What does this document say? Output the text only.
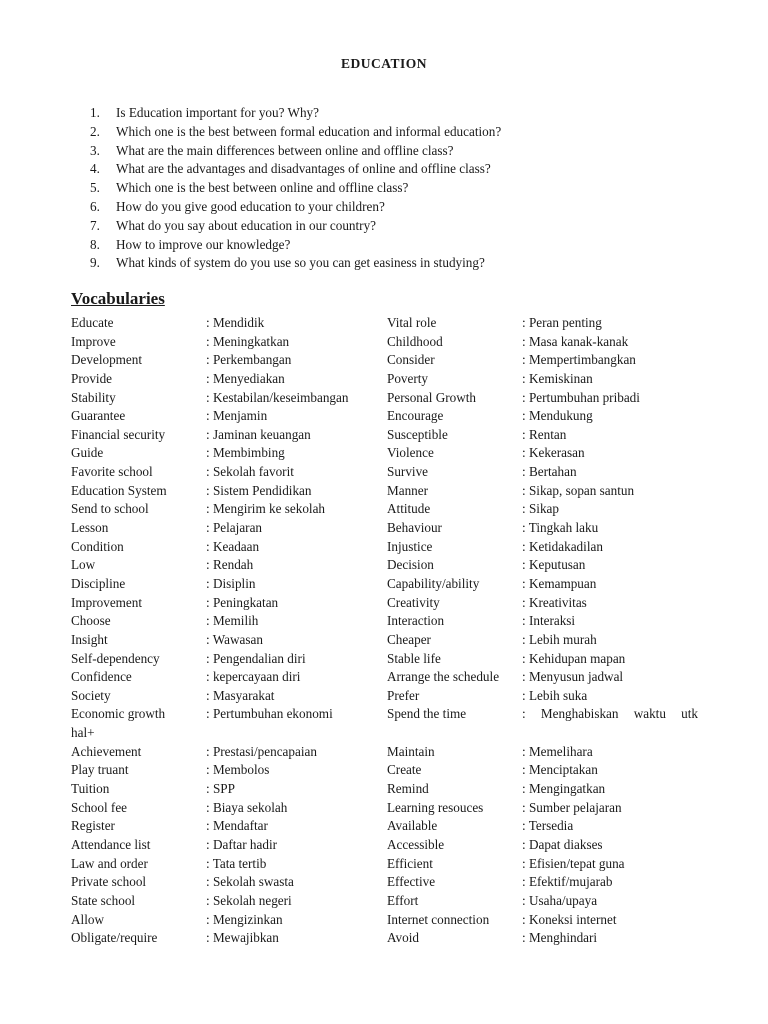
EDUCATION
1.	Is Education important for you? Why?
2.	Which one is the best between formal education and informal education?
3.	What are the main differences between online and offline class?
4.	What are the advantages and disadvantages of online and offline class?
5.	Which one is the best between online and offline class?
6.	How do you give good education to your children?
7.	What do you say about education in our country?
8.	How to improve our knowledge?
9.	What kinds of system do you use so you can get easiness in studying?
Vocabularies
Educate	: Mendidik	Vital role	: Peran penting
Improve	: Meningkatkan	Childhood	: Masa kanak-kanak
Development	: Perkembangan	Consider	: Mempertimbangkan
Provide	: Menyediakan	Poverty	: Kemiskinan
Stability	: Kestabilan/keseimbangan	Personal Growth	: Pertumbuhan pribadi
Guarantee	: Menjamin	Encourage	: Mendukung
Financial security	: Jaminan keuangan	Susceptible	: Rentan
Guide	: Membimbing	Violence	: Kekerasan
Favorite school	: Sekolah favorit	Survive	: Bertahan
Education System	: Sistem Pendidikan	Manner	: Sikap, sopan santun
Send to school	: Mengirim ke sekolah	Attitude	: Sikap
Lesson	: Pelajaran	Behaviour	: Tingkah laku
Condition	: Keadaan	Injustice	: Ketidakadilan
Low	: Rendah	Decision	: Keputusan
Discipline	: Disiplin	Capability/ability	: Kemampuan
Improvement	: Peningkatan	Creativity	: Kreativitas
Choose	: Memilih	Interaction	: Interaksi
Insight	: Wawasan	Cheaper	: Lebih murah
Self-dependency	: Pengendalian diri	Stable life	: Kehidupan mapan
Confidence	: kepercayaan diri	Arrange the schedule	: Menyusun jadwal
Society	: Masyarakat	Prefer	: Lebih suka
Economic growth	: Pertumbuhan ekonomi	Spend the time	: Menghabiskan waktu utk
hal+
Achievement	: Prestasi/pencapaian	Maintain	: Memelihara
Play truant	: Membolos	Create	: Menciptakan
Tuition	: SPP	Remind	: Mengingatkan
School fee	: Biaya sekolah	Learning resouces	: Sumber pelajaran
Register	: Mendaftar	Available	: Tersedia
Attendance list	: Daftar hadir	Accessible	: Dapat diakses
Law and order	: Tata tertib	Efficient	: Efisien/tepat guna
Private school	: Sekolah swasta	Effective	: Efektif/mujarab
State school	: Sekolah negeri	Effort	: Usaha/upaya
Allow	: Mengizinkan	Internet connection	: Koneksi internet
Obligate/require	: Mewajibkan	Avoid	: Menghindari
